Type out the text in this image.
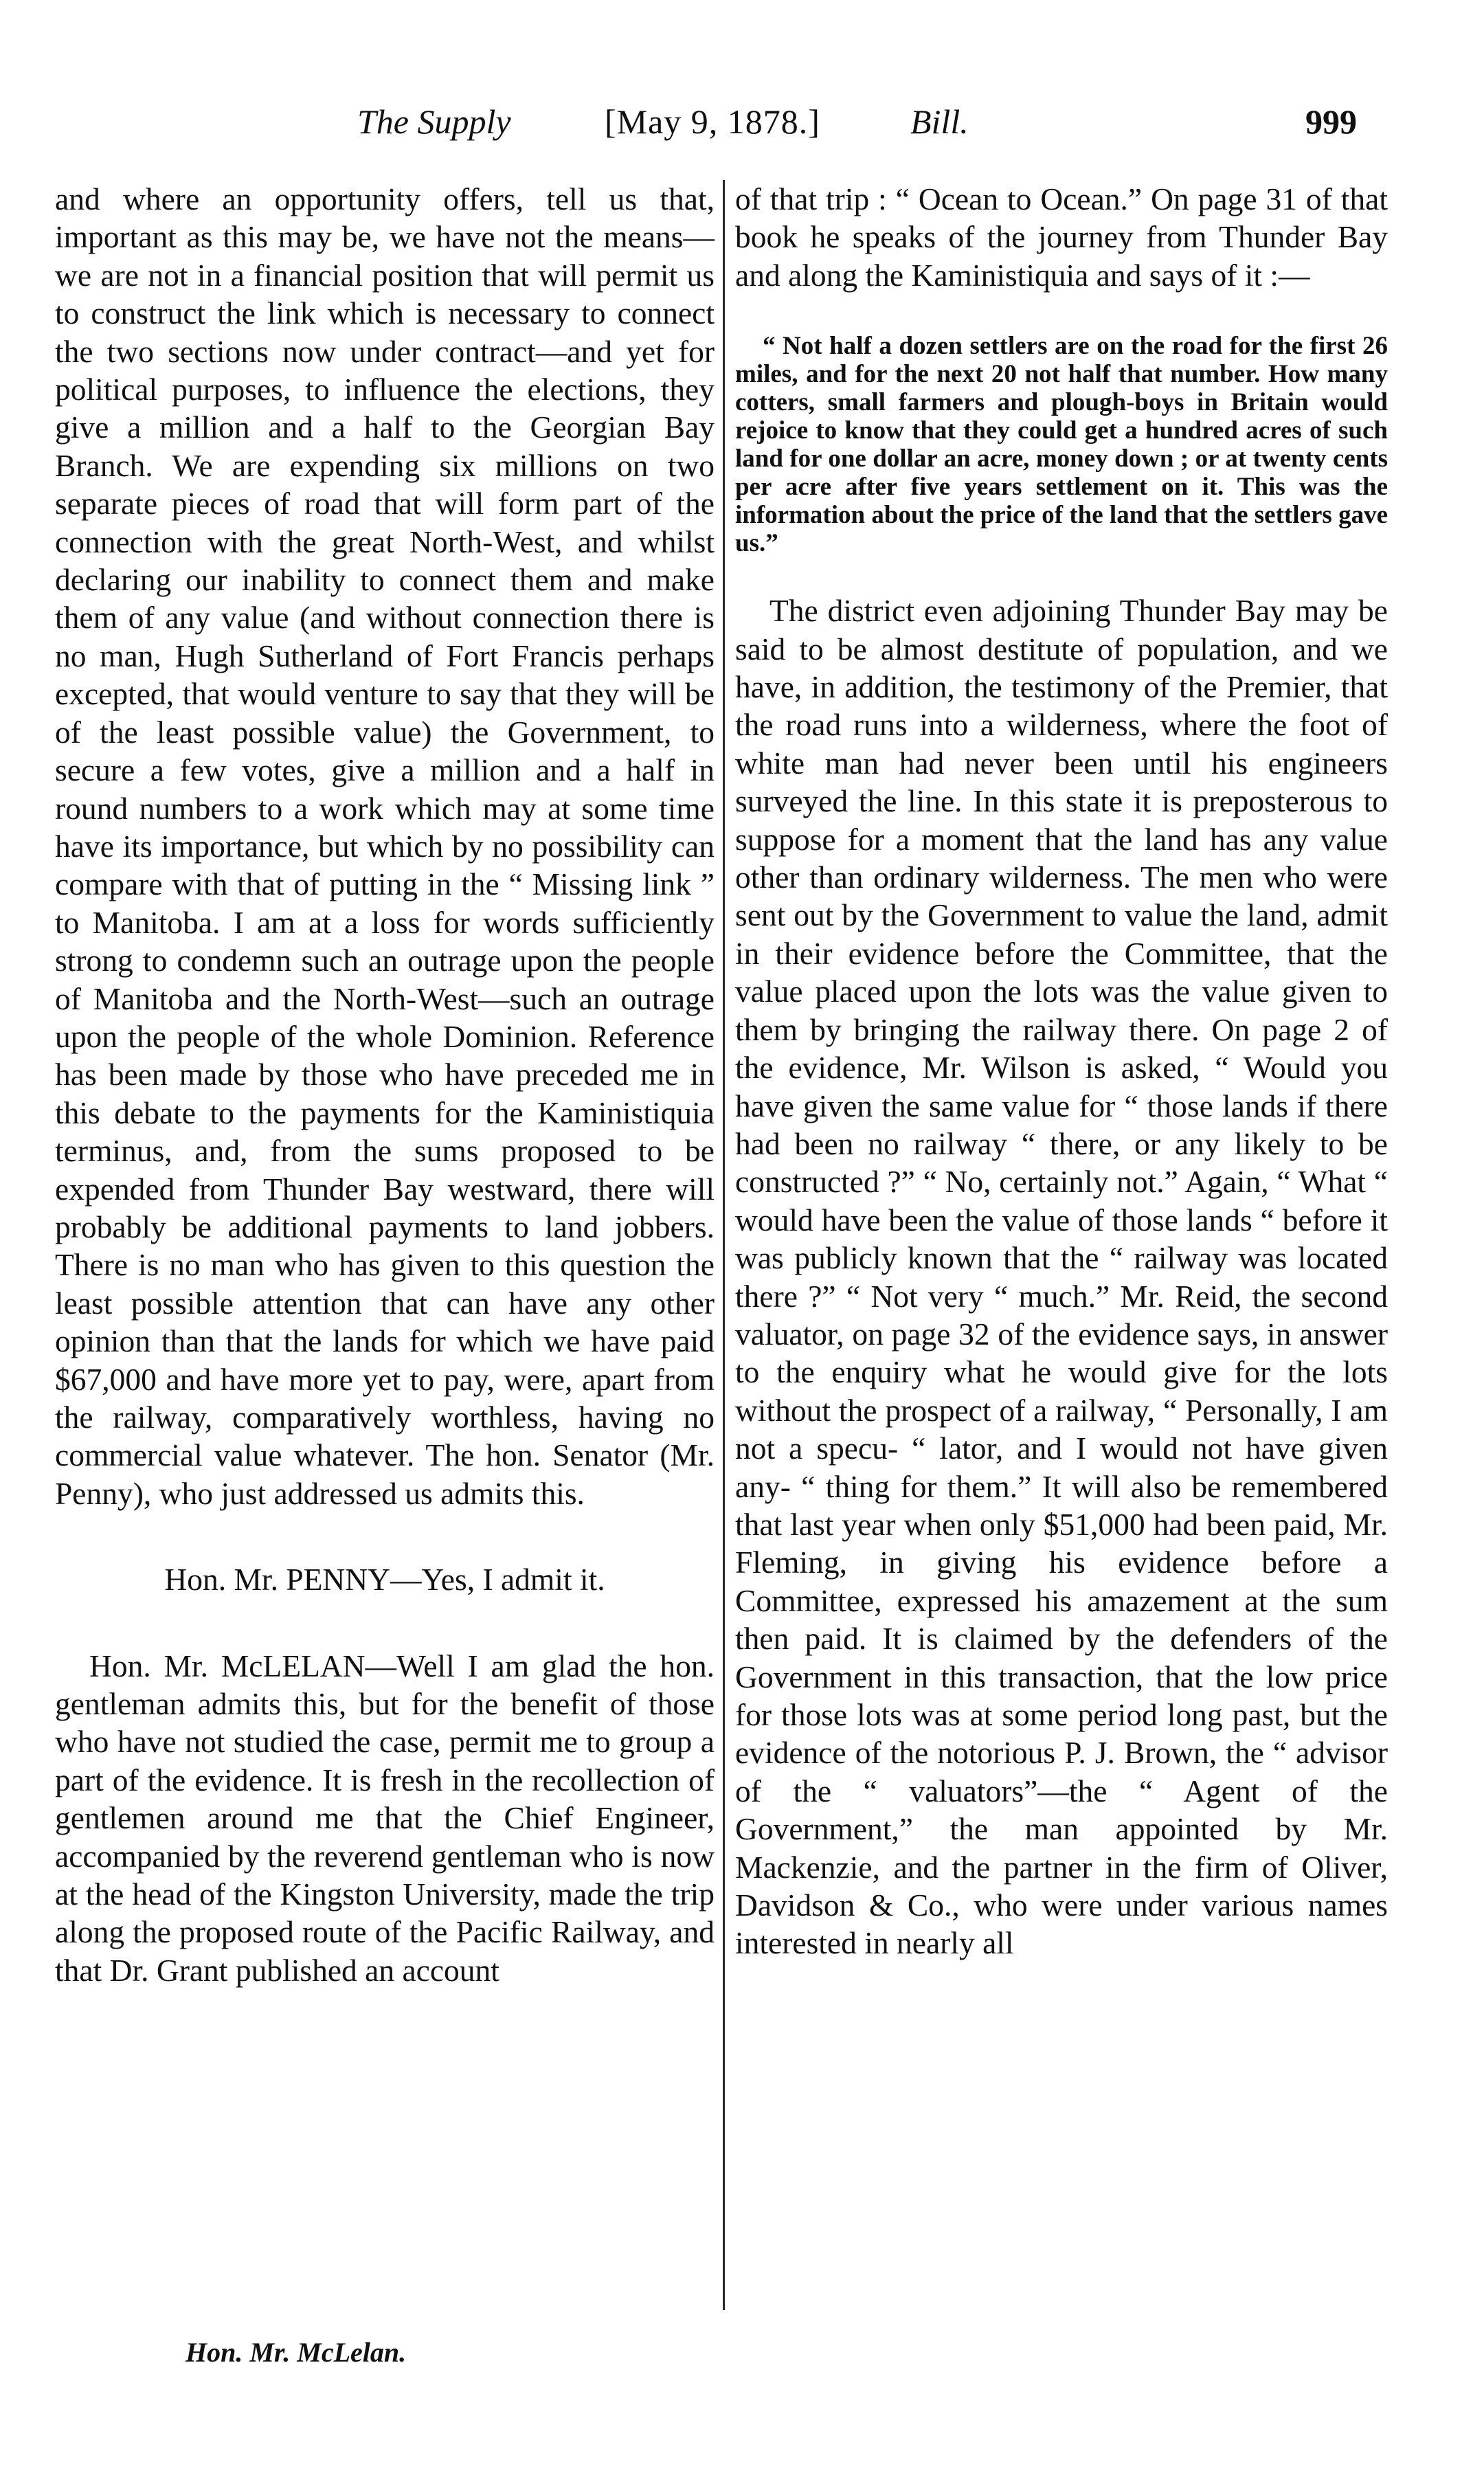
The Supply	[May 9, 1878.]	Bill.	999

and where an opportunity offers, tell us that, important as this may be, we have not the means—we are not in a financial position that will permit us to construct the link which is necessary to connect the two sections now under contract—and yet for political purposes, to influence the elections, they give a million and a half to the Georgian Bay Branch. We are expending six millions on two separate pieces of road that will form part of the connection with the great North-West, and whilst declaring our inability to connect them and make them of any value (and without connection there is no man, Hugh Sutherland of Fort Francis perhaps excepted, that would venture to say that they will be of the least possible value) the Government, to secure a few votes, give a million and a half in round numbers to a work which may at some time have its importance, but which by no possibility can compare with that of putting in the “ Missing link ” to Manitoba. I am at a loss for words sufficiently strong to condemn such an outrage upon the people of Manitoba and the North-West—such an outrage upon the people of the whole Dominion. Reference has been made by those who have preceded me in this debate to the payments for the Kaministiquia terminus, and, from the sums proposed to be expended from Thunder Bay westward, there will probably be additional payments to land jobbers. There is no man who has given to this question the least possible attention that can have any other opinion than that the lands for which we have paid $67,000 and have more yet to pay, were, apart from the railway, comparatively worthless, having no commercial value whatever. The hon. Senator (Mr. Penny), who just addressed us admits this.

Hon. Mr. PENNY—Yes, I admit it.

Hon. Mr. McLELAN—Well I am glad the hon. gentleman admits this, but for the benefit of those who have not studied the case, permit me to group a part of the evidence. It is fresh in the recollection of gentlemen around me that the Chief Engineer, accompanied by the reverend gentleman who is now at the head of the Kingston University, made the trip along the proposed route of the Pacific Railway, and that Dr. Grant published an account

of that trip : “ Ocean to Ocean.” On page 31 of that book he speaks of the journey from Thunder Bay and along the Kaministiquia and says of it :—

“ Not half a dozen settlers are on the road for the first 26 miles, and for the next 20 not half that number. How many cotters, small farmers and plough-boys in Britain would rejoice to know that they could get a hundred acres of such land for one dollar an acre, money down ; or at twenty cents per acre after five years settlement on it. This was the information about the price of the land that the settlers gave us.”

The district even adjoining Thunder Bay may be said to be almost destitute of population, and we have, in addition, the testimony of the Premier, that the road runs into a wilderness, where the foot of white man had never been until his engineers surveyed the line. In this state it is preposterous to suppose for a moment that the land has any value other than ordinary wilderness. The men who were sent out by the Government to value the land, admit in their evidence before the Committee, that the value placed upon the lots was the value given to them by bringing the railway there. On page 2 of the evidence, Mr. Wilson is asked, “ Would you have given the same value for “ those lands if there had been no railway “ there, or any likely to be constructed ?” “ No, certainly not.” Again, “ What “ would have been the value of those lands “ before it was publicly known that the “ railway was located there ?” “ Not very “ much.” Mr. Reid, the second valuator, on page 32 of the evidence says, in answer to the enquiry what he would give for the lots without the prospect of a railway, “ Personally, I am not a specu- “ lator, and I would not have given any- “ thing for them.” It will also be remembered that last year when only $51,000 had been paid, Mr. Fleming, in giving his evidence before a Committee, expressed his amazement at the sum then paid. It is claimed by the defenders of the Government in this transaction, that the low price for those lots was at some period long past, but the evidence of the notorious P. J. Brown, the “ advisor of the “ valuators”—the “ Agent of the Government,” the man appointed by Mr. Mackenzie, and the partner in the firm of Oliver, Davidson & Co., who were under various names interested in nearly all

Hon. Mr. McLelan.
